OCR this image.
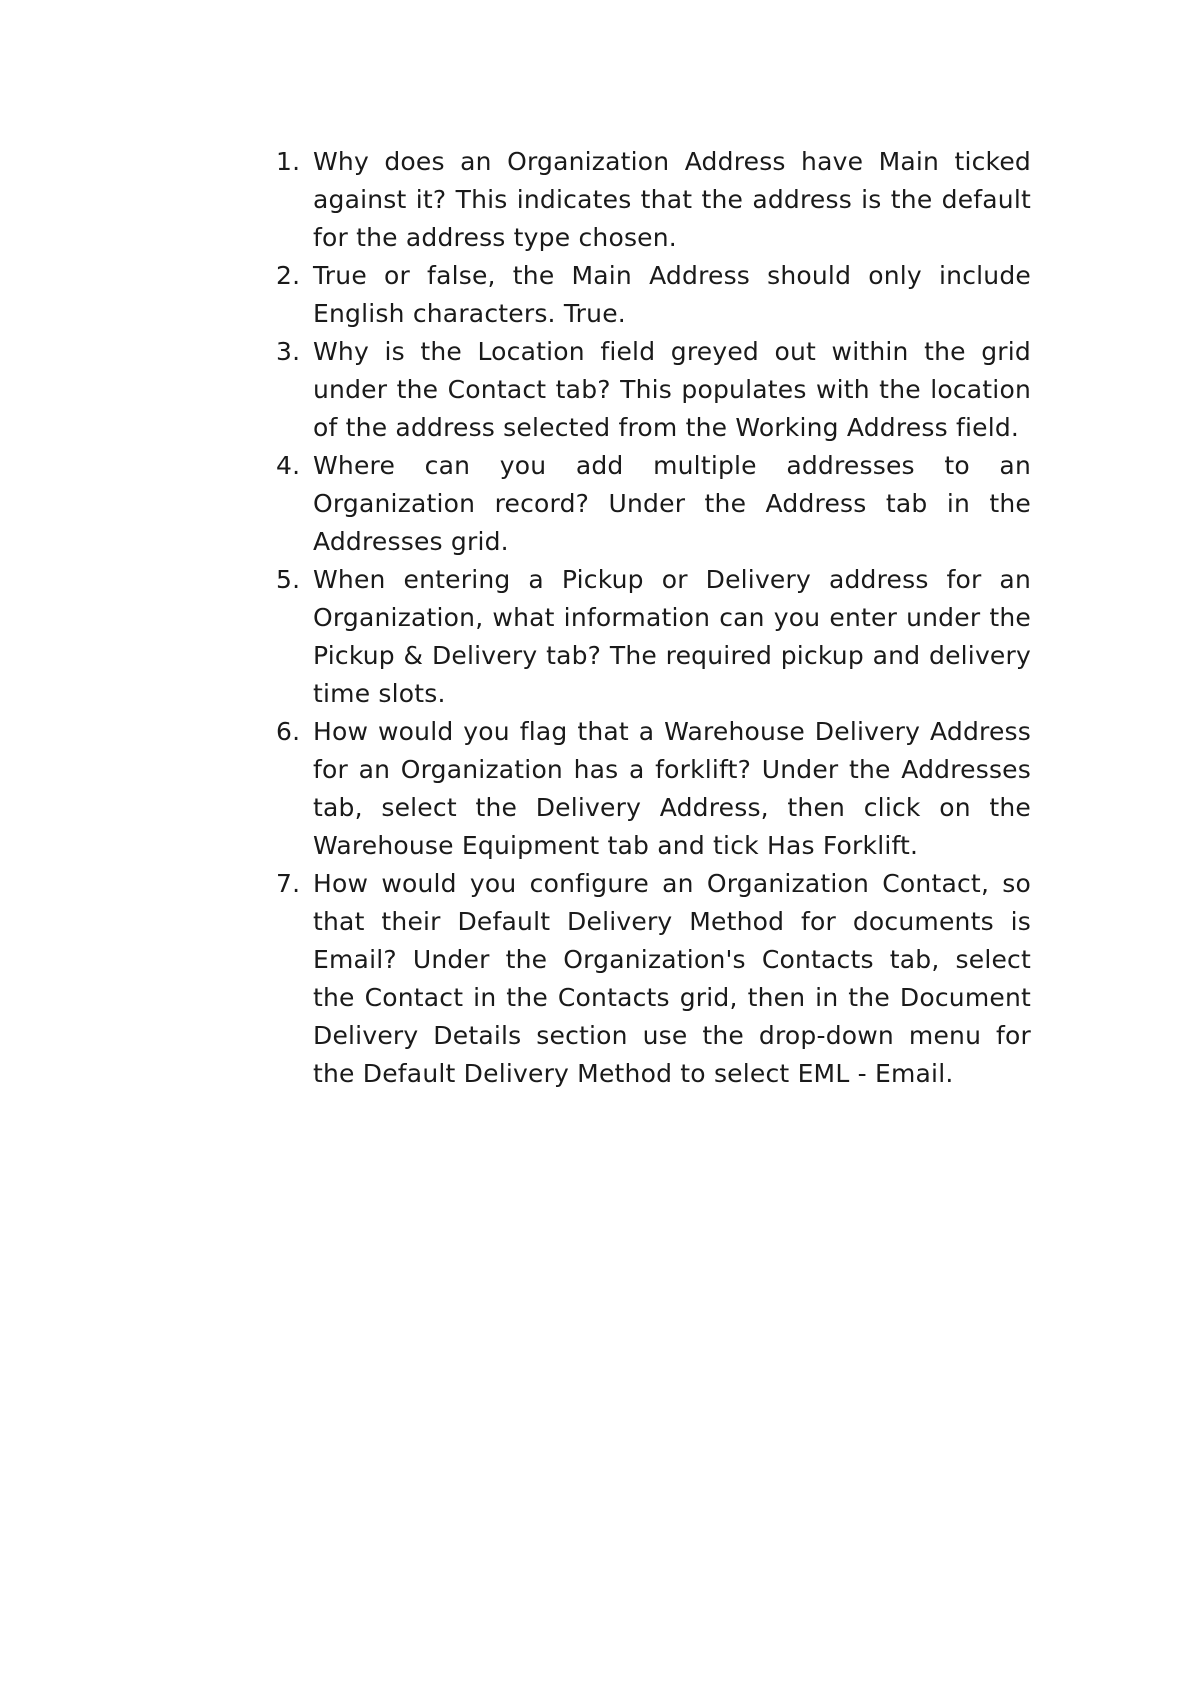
1. Why does an Organization Address have Main ticked against it? This indicates that the address is the default for the address type chosen.
2. True or false, the Main Address should only include English characters. True.
3. Why is the Location field greyed out within the grid under the Contact tab? This populates with the location of the address selected from the Working Address field.
4. Where can you add multiple addresses to an Organization record? Under the Address tab in the Addresses grid.
5. When entering a Pickup or Delivery address for an Organization, what information can you enter under the Pickup & Delivery tab? The required pickup and delivery time slots.
6. How would you flag that a Warehouse Delivery Address for an Organization has a forklift? Under the Addresses tab, select the Delivery Address, then click on the Warehouse Equipment tab and tick Has Forklift.
7. How would you configure an Organization Contact, so that their Default Delivery Method for documents is Email? Under the Organization's Contacts tab, select the Contact in the Contacts grid, then in the Document Delivery Details section use the drop-down menu for the Default Delivery Method to select EML - Email.
